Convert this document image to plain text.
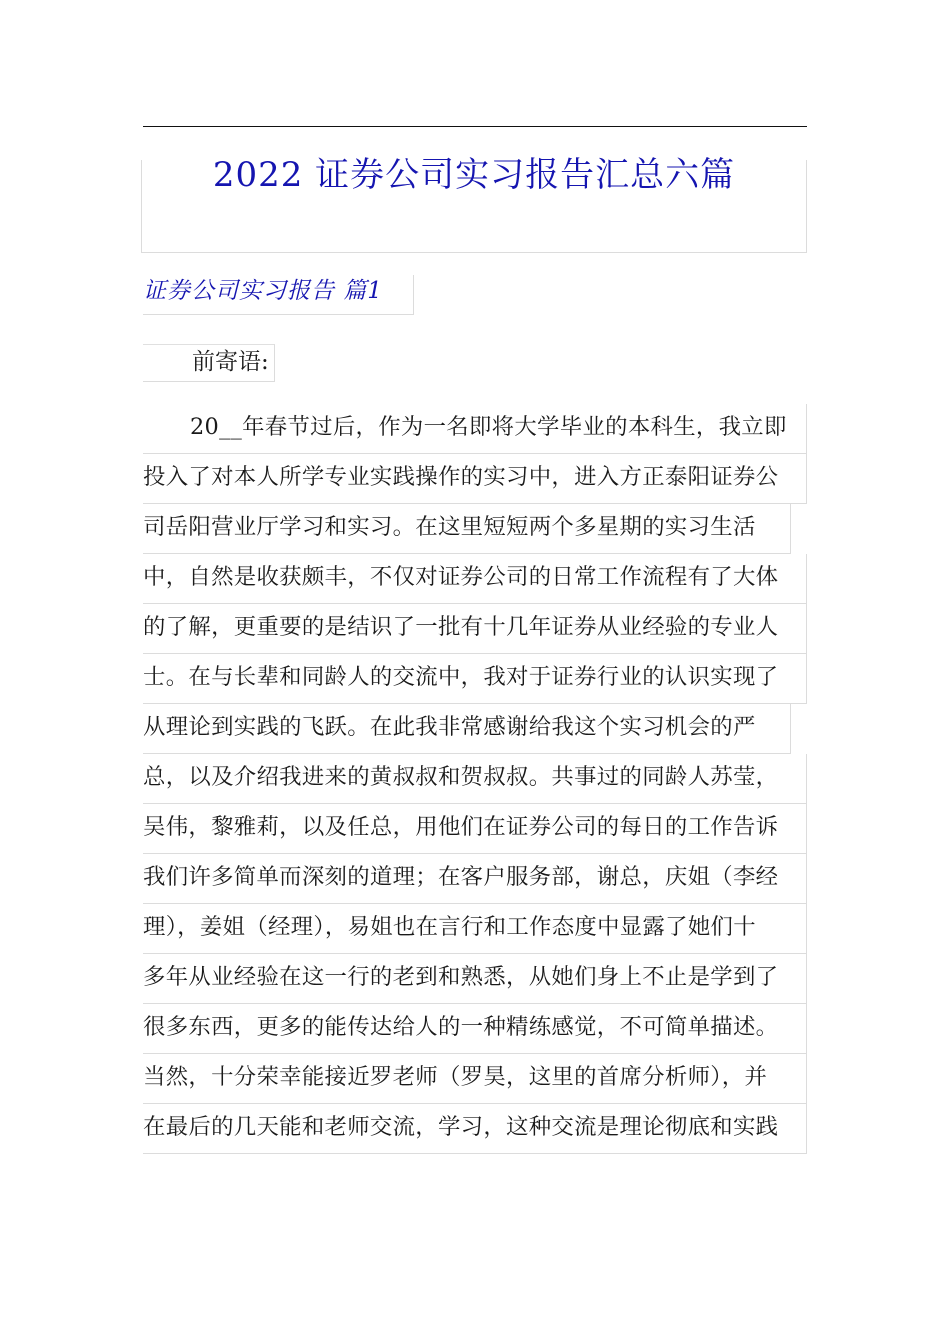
2022 证券公司实习报告汇总六篇
证券公司实习报告 篇1
前寄语:
20__年春节过后，作为一名即将大学毕业的本科生，我立即
投入了对本人所学专业实践操作的实习中，进入方正泰阳证券公
司岳阳营业厅学习和实习。在这里短短两个多星期的实习生活
中，自然是收获颇丰，不仅对证券公司的日常工作流程有了大体
的了解，更重要的是结识了一批有十几年证券从业经验的专业人
士。在与长辈和同龄人的交流中，我对于证券行业的认识实现了
从理论到实践的飞跃。在此我非常感谢给我这个实习机会的严
总，以及介绍我进来的黄叔叔和贺叔叔。共事过的同龄人苏莹，
吴伟，黎雅莉，以及任总，用他们在证券公司的每日的工作告诉
我们许多简单而深刻的道理；在客户服务部，谢总，庆姐（李经
理），姜姐（经理），易姐也在言行和工作态度中显露了她们十
多年从业经验在这一行的老到和熟悉，从她们身上不止是学到了
很多东西，更多的能传达给人的一种精练感觉，不可简单描述。
当然，十分荣幸能接近罗老师（罗昊，这里的首席分析师），并
在最后的几天能和老师交流，学习，这种交流是理论彻底和实践
